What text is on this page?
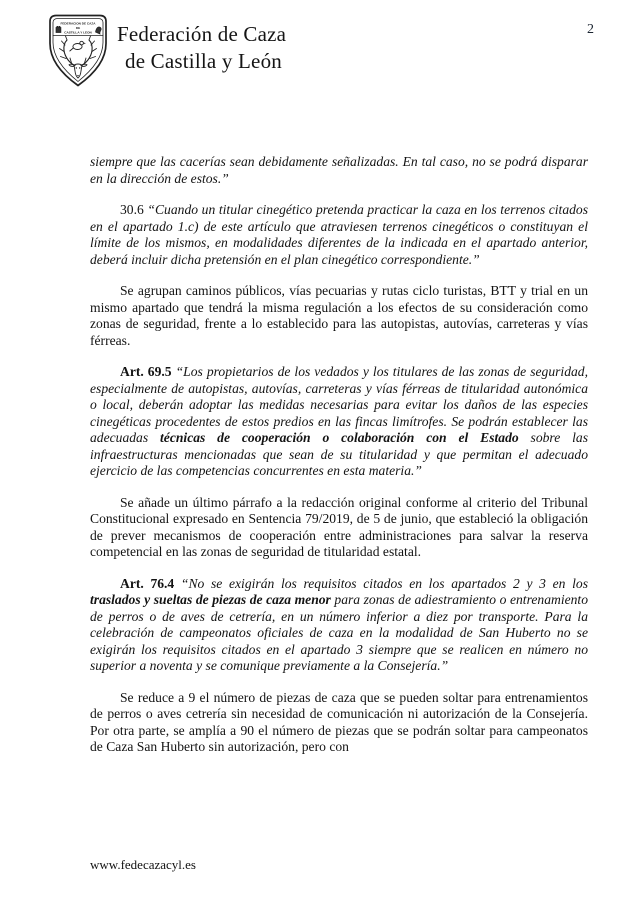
FEDERACION DE CAZA
DE
CASTILLA Y LEON Federación de Caza
de Castilla y León
2

siempre que las cacerías sean debidamente señalizadas. En tal caso, no se podrá disparar en la dirección de estos.”

30.6 “Cuando un titular cinegético pretenda practicar la caza en los terrenos citados en el apartado 1.c) de este artículo que atraviesen terrenos cinegéticos o constituyan el límite de los mismos, en modalidades diferentes de la indicada en el apartado anterior, deberá incluir dicha pretensión en el plan cinegético correspondiente.”

Se agrupan caminos públicos, vías pecuarias y rutas ciclo turistas, BTT y trial en un mismo apartado que tendrá la misma regulación a los efectos de su consideración como zonas de seguridad, frente a lo establecido para las autopistas, autovías, carreteras y vías férreas.

Art. 69.5 “Los propietarios de los vedados y los titulares de las zonas de seguridad, especialmente de autopistas, autovías, carreteras y vías férreas de titularidad autonómica o local, deberán adoptar las medidas necesarias para evitar los daños de las especies cinegéticas procedentes de estos predios en las fincas limítrofes. Se podrán establecer las adecuadas técnicas de cooperación o colaboración con el Estado sobre las infraestructuras mencionadas que sean de su titularidad y que permitan el adecuado ejercicio de las competencias concurrentes en esta materia.”

Se añade un último párrafo a la redacción original conforme al criterio del Tribunal Constitucional expresado en Sentencia 79/2019, de 5 de junio, que estableció la obligación de prever mecanismos de cooperación entre administraciones para salvar la reserva competencial en las zonas de seguridad de titularidad estatal.

Art. 76.4 “No se exigirán los requisitos citados en los apartados 2 y 3 en los traslados y sueltas de piezas de caza menor para zonas de adiestramiento o entrenamiento de perros o de aves de cetrería, en un número inferior a diez por transporte. Para la celebración de campeonatos oficiales de caza en la modalidad de San Huberto no se exigirán los requisitos citados en el apartado 3 siempre que se realicen en número no superior a noventa y se comunique previamente a la Consejería.”

Se reduce a 9 el número de piezas de caza que se pueden soltar para entrenamientos de perros o aves cetrería sin necesidad de comunicación ni autorización de la Consejería. Por otra parte, se amplía a 90 el número de piezas que se podrán soltar para campeonatos de Caza San Huberto sin autorización, pero con

www.fedecazacyl.es
